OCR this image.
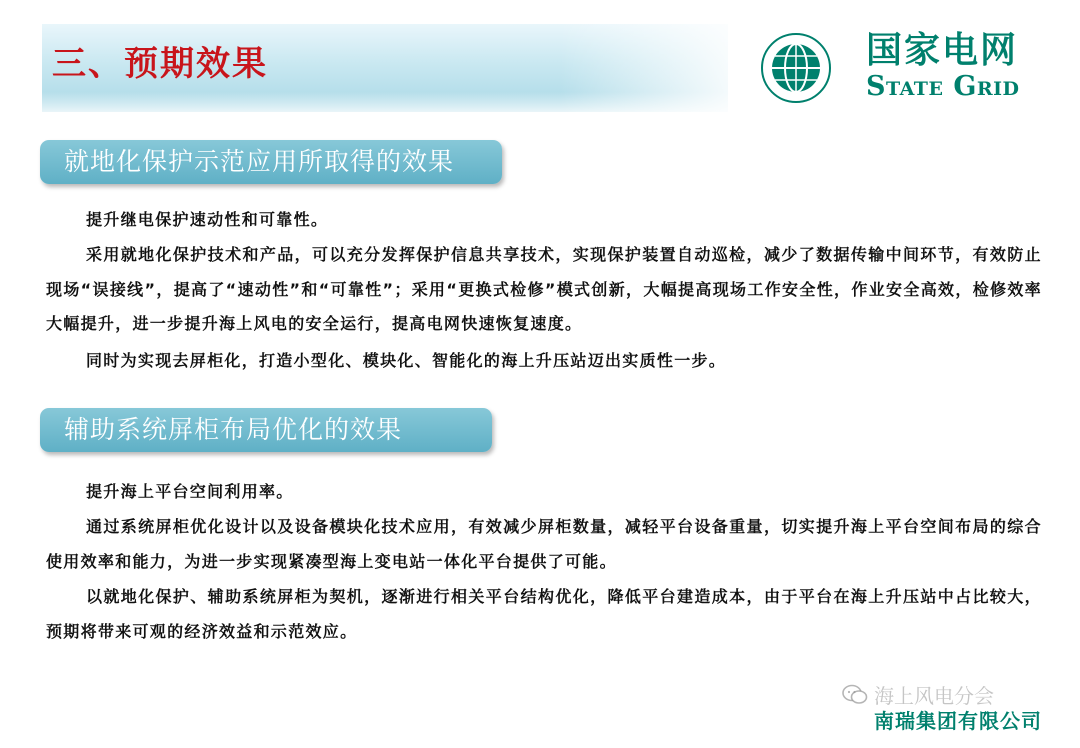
三、预期效果	国家电网
State Grid
就地化保护示范应用所取得的效果

提升继电保护速动性和可靠性。

采用就地化保护技术和产品，可以充分发挥保护信息共享技术，实现保护装置自动巡检，减少了数据传输中间环节，有效防止现场“误接线”，提高了“速动性”和“可靠性”；采用“更换式检修”模式创新，大幅提高现场工作安全性，作业安全高效，检修效率大幅提升，进一步提升海上风电的安全运行，提高电网快速恢复速度。

同时为实现去屏柜化，打造小型化、模块化、智能化的海上升压站迈出实质性一步。

辅助系统屏柜布局优化的效果

提升海上平台空间利用率。

通过系统屏柜优化设计以及设备模块化技术应用，有效减少屏柜数量，减轻平台设备重量，切实提升海上平台空间布局的综合使用效率和能力，为进一步实现紧凑型海上变电站一体化平台提供了可能。

以就地化保护、辅助系统屏柜为契机，逐渐进行相关平台结构优化，降低平台建造成本，由于平台在海上升压站中占比较大，预期将带来可观的经济效益和示范效应。

海上风电分会
南瑞集团有限公司
